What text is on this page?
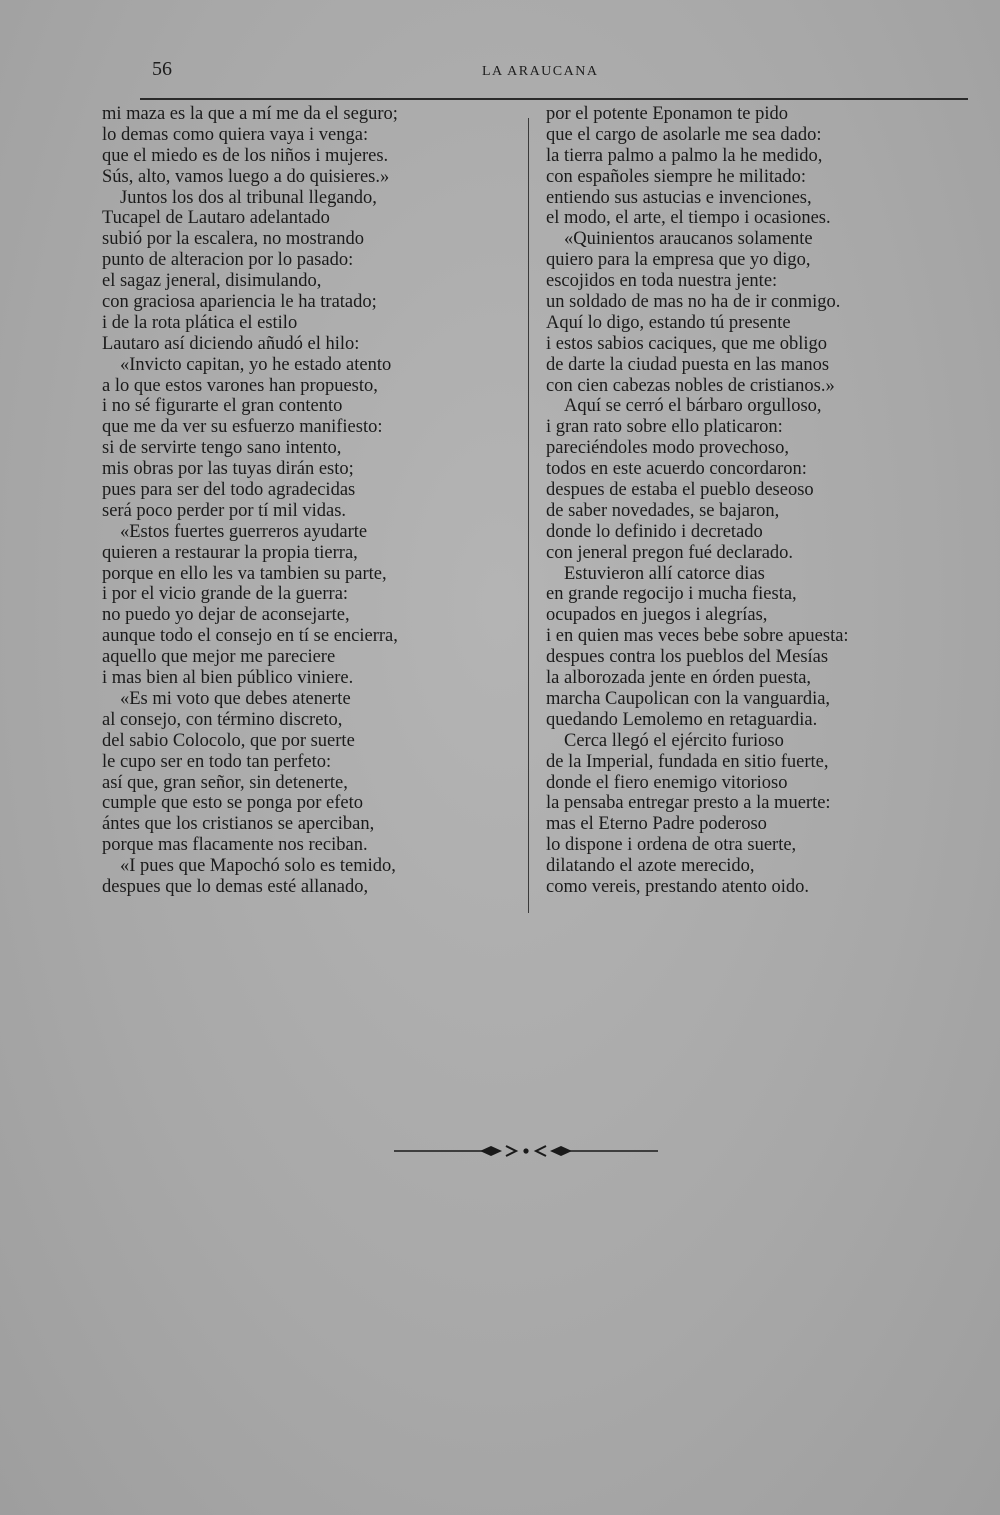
56	LA ARAUCANA
mi maza es la que a mí me da el seguro;
lo demas como quiera vaya i venga:
que el miedo es de los niños i mujeres.
Sús, alto, vamos luego a do quisieres.»
Juntos los dos al tribunal llegando,
Tucapel de Lautaro adelantado
subió por la escalera, no mostrando
punto de alteracion por lo pasado:
el sagaz jeneral, disimulando,
con graciosa apariencia le ha tratado;
i de la rota plática el estilo
Lautaro así diciendo añudó el hilo:
«Invicto capitan, yo he estado atento
a lo que estos varones han propuesto,
i no sé figurarte el gran contento
que me da ver su esfuerzo manifiesto:
si de servirte tengo sano intento,
mis obras por las tuyas dirán esto;
pues para ser del todo agradecidas
será poco perder por tí mil vidas.
«Estos fuertes guerreros ayudarte
quieren a restaurar la propia tierra,
porque en ello les va tambien su parte,
i por el vicio grande de la guerra:
no puedo yo dejar de aconsejarte,
aunque todo el consejo en tí se encierra,
aquello que mejor me pareciere
i mas bien al bien público viniere.
«Es mi voto que debes atenerte
al consejo, con término discreto,
del sabio Colocolo, que por suerte
le cupo ser en todo tan perfeto:
así que, gran señor, sin detenerte,
cumple que esto se ponga por efeto
ántes que los cristianos se aperciban,
porque mas flacamente nos reciban.
«I pues que Mapochó solo es temido,
despues que lo demas esté allanado,
por el potente Eponamon te pido
que el cargo de asolarle me sea dado:
la tierra palmo a palmo la he medido,
con españoles siempre he militado:
entiendo sus astucias e invenciones,
el modo, el arte, el tiempo i ocasiones.
«Quinientos araucanos solamente
quiero para la empresa que yo digo,
escojidos en toda nuestra jente:
un soldado de mas no ha de ir conmigo.
Aquí lo digo, estando tú presente
i estos sabios caciques, que me obligo
de darte la ciudad puesta en las manos
con cien cabezas nobles de cristianos.»
Aquí se cerró el bárbaro orgulloso,
i gran rato sobre ello platicaron:
pareciéndoles modo provechoso,
todos en este acuerdo concordaron:
despues de estaba el pueblo deseoso
de saber novedades, se bajaron,
donde lo definido i decretado
con jeneral pregon fué declarado.
Estuvieron allí catorce dias
en grande regocijo i mucha fiesta,
ocupados en juegos i alegrías,
i en quien mas veces bebe sobre apuesta:
despues contra los pueblos del Mesías
la alborozada jente en órden puesta,
marcha Caupolican con la vanguardia,
quedando Lemolemo en retaguardia.
Cerca llegó el ejército furioso
de la Imperial, fundada en sitio fuerte,
donde el fiero enemigo vitorioso
la pensaba entregar presto a la muerte:
mas el Eterno Padre poderoso
lo dispone i ordena de otra suerte,
dilatando el azote merecido,
como vereis, prestando atento oido.
